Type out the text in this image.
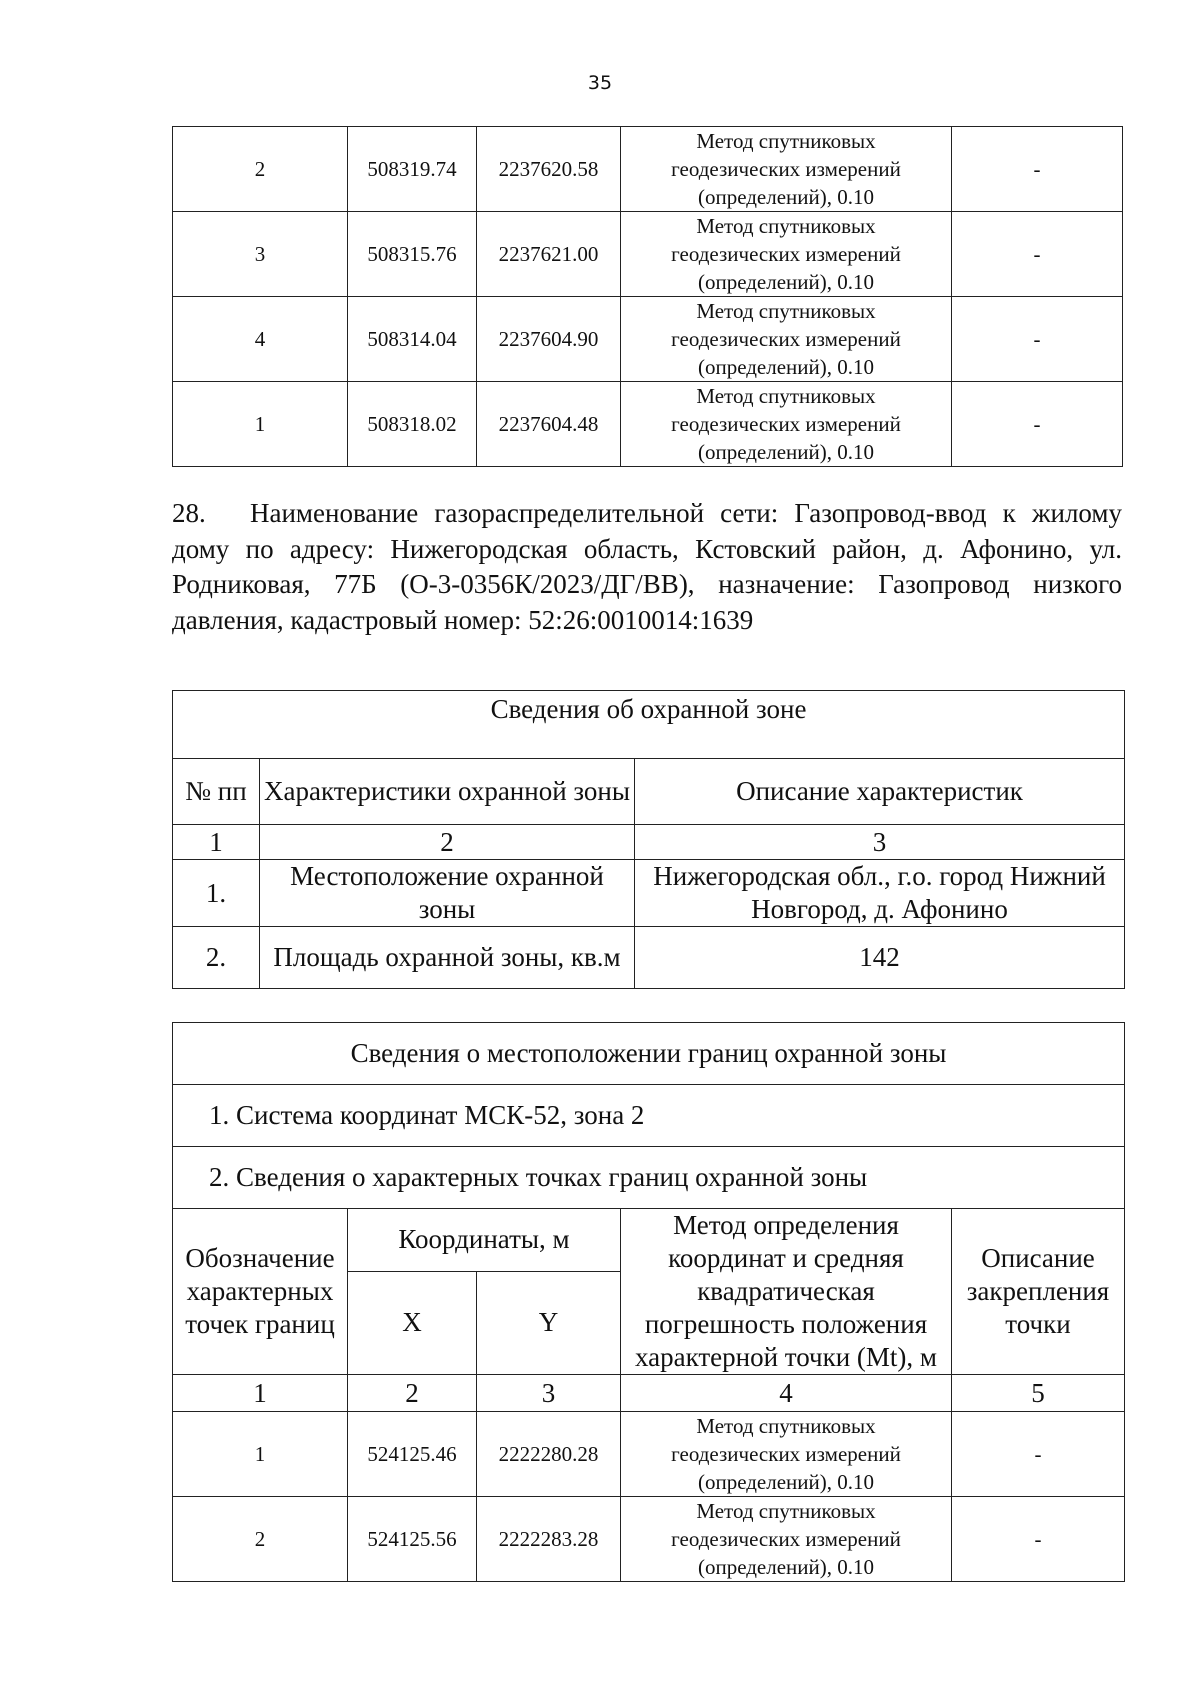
35
2	508319.74	2237620.58	Метод спутниковых
геодезических измерений
(определений), 0.10	-
3	508315.76	2237621.00	Метод спутниковых
геодезических измерений
(определений), 0.10	-
4	508314.04	2237604.90	Метод спутниковых
геодезических измерений
(определений), 0.10	-
1	508318.02	2237604.48	Метод спутниковых
геодезических измерений
(определений), 0.10	-

28. Наименование газораспределительной сети: Газопровод-ввод к жилому дому по адресу: Нижегородская область, Кстовский район, д. Афонино, ул. Родниковая, 77Б (О-3-0356К/2023/ДГ/ВВ), назначение: Газопровод низкого давления, кадастровый номер: 52:26:0010014:1639

Сведения об охранной зоне		
№ пп	Характеристики охранной зоны	Описание характеристик
1	2	3
1.	Местоположение охранной зоны	Нижегородская обл., г.о. город Нижний Новгород, д. Афонино
2.	Площадь охранной зоны, кв.м	142
Сведения о местоположении границ охранной зоны				
1. Система координат МСК-52, зона 2				
2. Сведения о характерных точках границ охранной зоны				
Обозначение характерных точек границ	Координаты, м		Метод определения координат и средняя квадратическая погрешность положения характерной точки (Mt), м	Описание закрепления точки
	X	Y		
1	2	3	4	5
1	524125.46	2222280.28	Метод спутниковых
геодезических измерений
(определений), 0.10	-
2	524125.56	2222283.28	Метод спутниковых
геодезических измерений
(определений), 0.10	-
